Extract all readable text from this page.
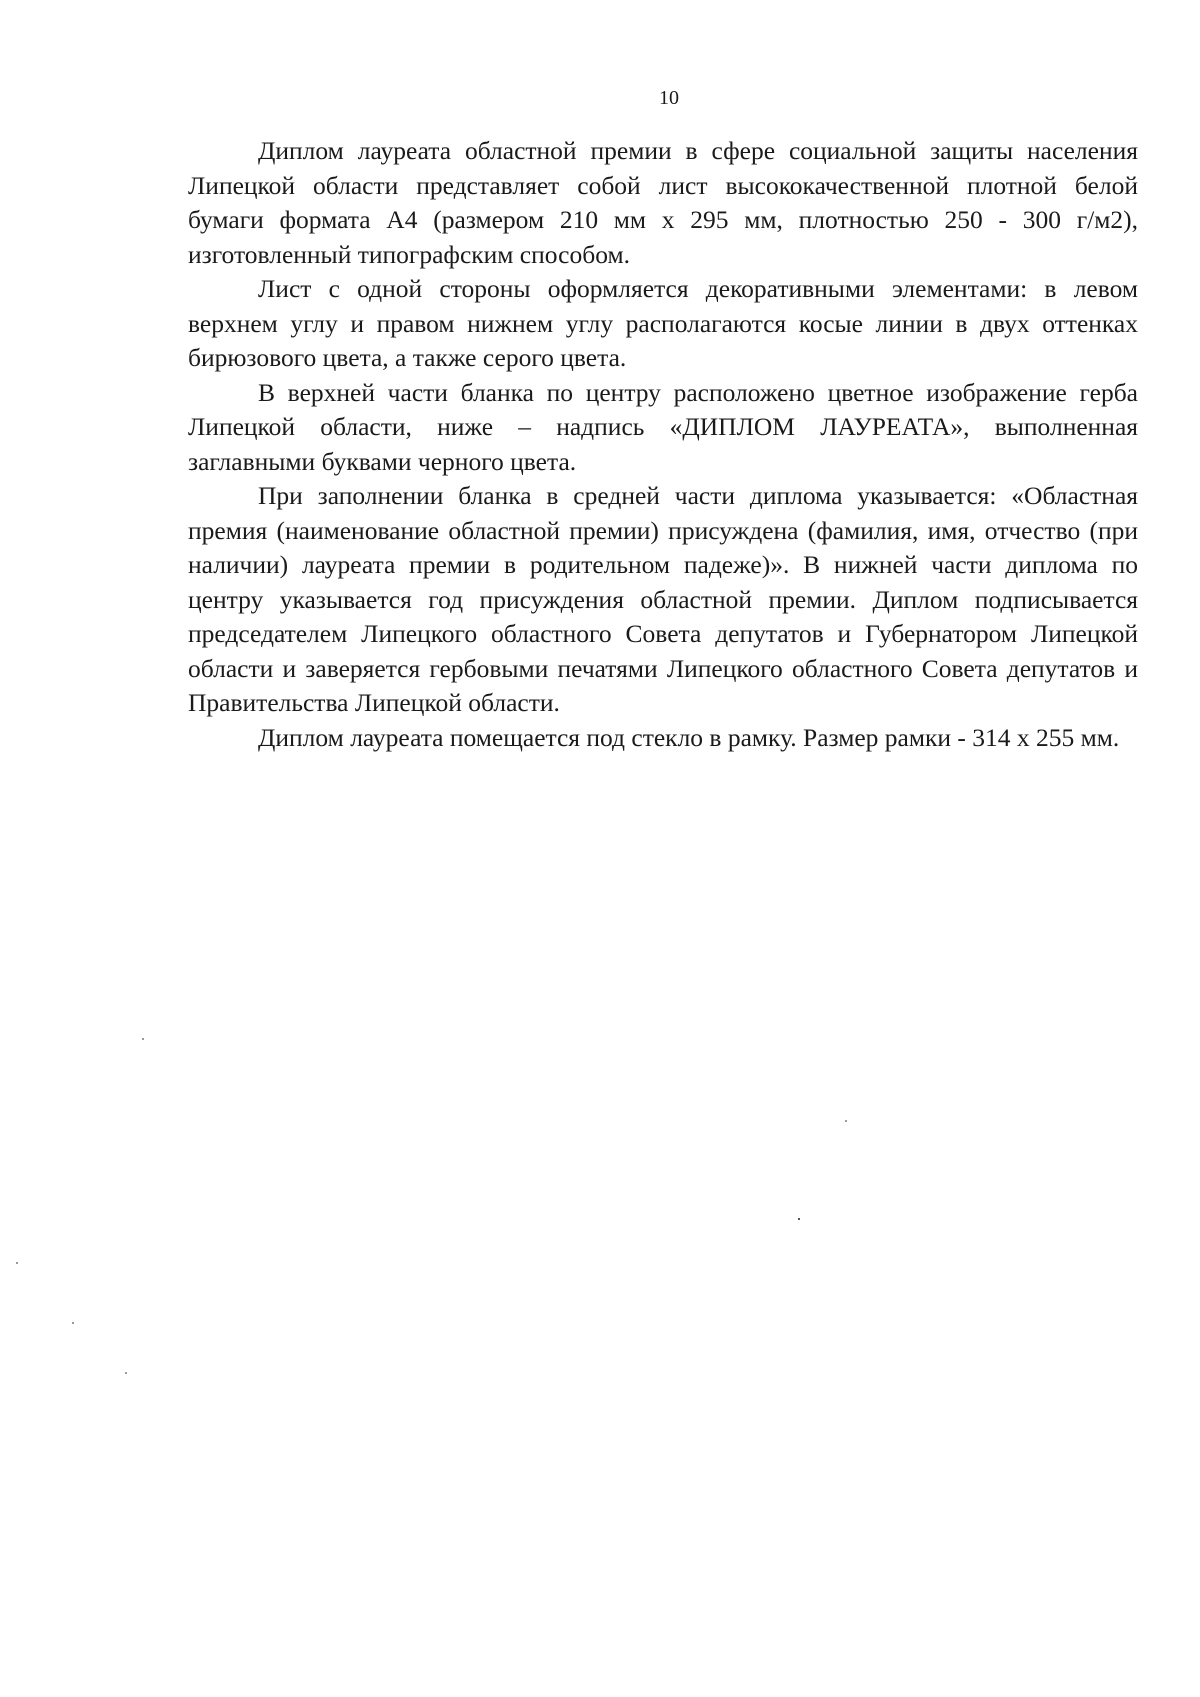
10

Диплом лауреата областной премии в сфере социальной защиты населения Липецкой области представляет собой лист высококачественной плотной белой бумаги формата А4 (размером 210 мм х 295 мм, плотностью 250 - 300 г/м2), изготовленный типографским способом.

Лист с одной стороны оформляется декоративными элементами: в левом верхнем углу и правом нижнем углу располагаются косые линии в двух оттенках бирюзового цвета, а также серого цвета.

В верхней части бланка по центру расположено цветное изображение герба Липецкой области, ниже – надпись «ДИПЛОМ ЛАУРЕАТА», выполненная заглавными буквами черного цвета.

При заполнении бланка в средней части диплома указывается: «Областная премия (наименование областной премии) присуждена (фамилия, имя, отчество (при наличии) лауреата премии в родительном падеже)». В нижней части диплома по центру указывается год присуждения областной премии. Диплом подписывается председателем Липецкого областного Совета депутатов и Губернатором Липецкой области и заверяется гербовыми печатями Липецкого областного Совета депутатов и Правительства Липецкой области.

Диплом лауреата помещается под стекло в рамку. Размер рамки - 314 х 255 мм.
